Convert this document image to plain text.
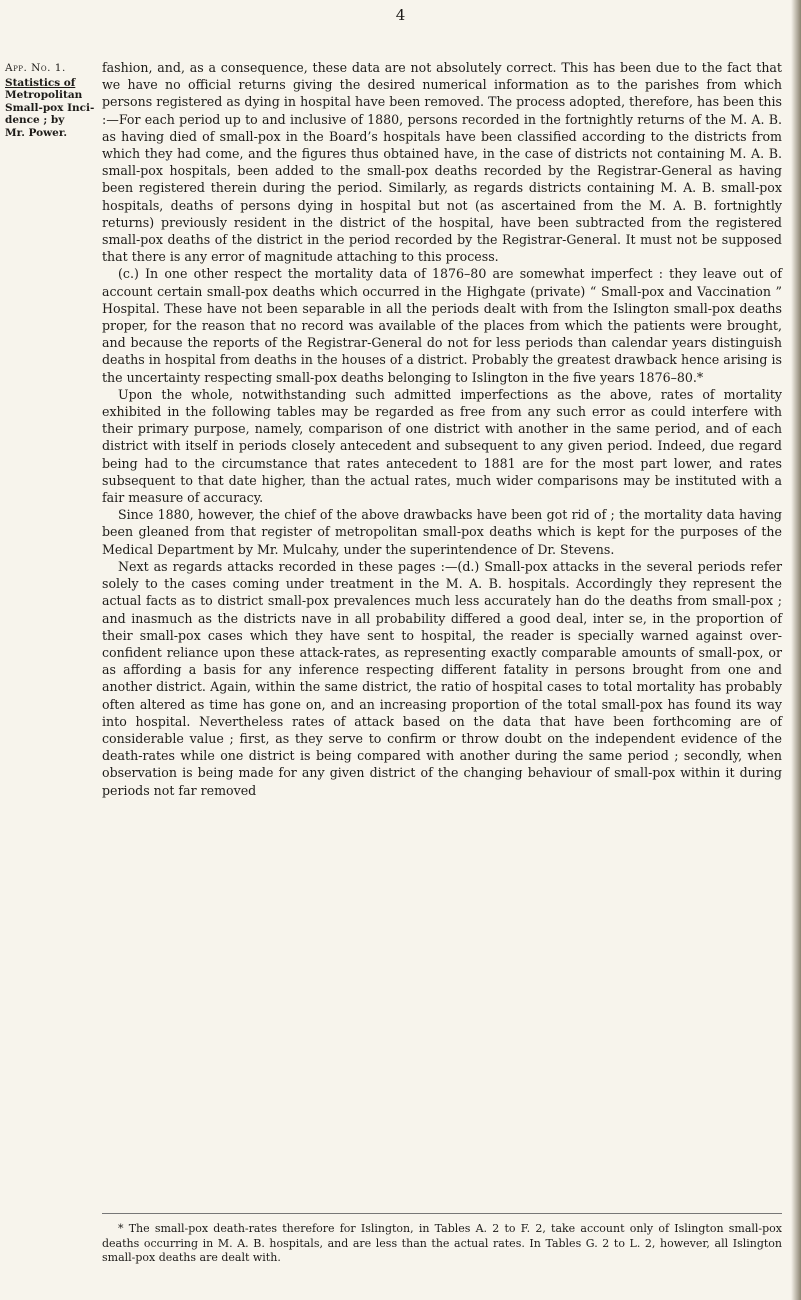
4
App. No. 1.
Statistics of
Metropolitan
Small-pox Inci-
dence ; by
Mr. Power.

fashion, and, as a consequence, these data are not absolutely correct. This has been due to the fact that we have no official returns giving the desired numerical information as to the parishes from which persons registered as dying in hospital have been removed. The process adopted, therefore, has been this :—For each period up to and inclusive of 1880, persons recorded in the fortnightly returns of the M. A. B. as having died of small-pox in the Board’s hospitals have been classified according to the districts from which they had come, and the figures thus obtained have, in the case of districts not containing M. A. B. small-pox hospitals, been added to the small-pox deaths recorded by the Registrar-General as having been registered therein during the period. Similarly, as regards districts containing M. A. B. small-pox hospitals, deaths of persons dying in hospital but not (as ascertained from the M. A. B. fortnightly returns) previously resident in the district of the hospital, have been subtracted from the registered small-pox deaths of the district in the period recorded by the Registrar-General. It must not be supposed that there is any error of magnitude attaching to this process.

(c.) In one other respect the mortality data of 1876–80 are somewhat imperfect : they leave out of account certain small-pox deaths which occurred in the Highgate (private) “ Small-pox and Vaccination ” Hospital. These have not been separable in all the periods dealt with from the Islington small-pox deaths proper, for the reason that no record was available of the places from which the patients were brought, and because the reports of the Registrar-General do not for less periods than calendar years distinguish deaths in hospital from deaths in the houses of a district. Probably the greatest drawback hence arising is the uncertainty respecting small-pox deaths belonging to Islington in the five years 1876–80.*

Upon the whole, notwithstanding such admitted imperfections as the above, rates of mortality exhibited in the following tables may be regarded as free from any such error as could interfere with their primary purpose, namely, comparison of one district with another in the same period, and of each district with itself in periods closely antecedent and subsequent to any given period. Indeed, due regard being had to the circumstance that rates antecedent to 1881 are for the most part lower, and rates subsequent to that date higher, than the actual rates, much wider comparisons may be instituted with a fair measure of accuracy.

Since 1880, however, the chief of the above drawbacks have been got rid of ; the mortality data having been gleaned from that register of metropolitan small-pox deaths which is kept for the purposes of the Medical Department by Mr. Mulcahy, under the superintendence of Dr. Stevens.

Next as regards attacks recorded in these pages :—(d.) Small-pox attacks in the several periods refer solely to the cases coming under treatment in the M. A. B. hospitals. Accordingly they represent the actual facts as to district small-pox prevalences much less accurately han do the deaths from small-pox ; and inasmuch as the districts nave in all probability differed a good deal, inter se, in the proportion of their small-pox cases which they have sent to hospital, the reader is specially warned against over-confident reliance upon these attack-rates, as representing exactly comparable amounts of small-pox, or as affording a basis for any inference respecting different fatality in persons brought from one and another district. Again, within the same district, the ratio of hospital cases to total mortality has probably often altered as time has gone on, and an increasing proportion of the total small-pox has found its way into hospital. Nevertheless rates of attack based on the data that have been forthcoming are of considerable value ; first, as they serve to confirm or throw doubt on the independent evidence of the death-rates while one district is being compared with another during the same period ; secondly, when observation is being made for any given district of the changing behaviour of small-pox within it during periods not far removed

* The small-pox death-rates therefore for Islington, in Tables A. 2 to F. 2, take account only of Islington small-pox deaths occurring in M. A. B. hospitals, and are less than the actual rates. In Tables G. 2 to L. 2, however, all Islington small-pox deaths are dealt with.
